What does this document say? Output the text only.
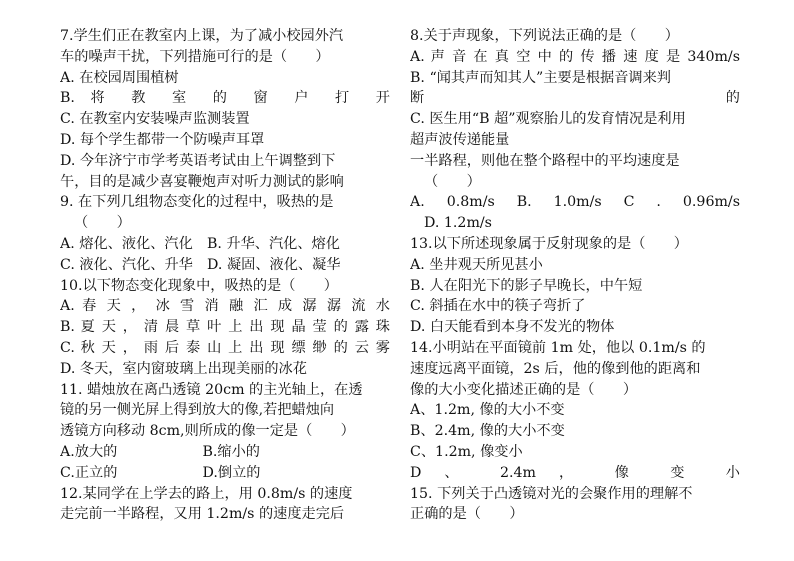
7.学生们正在教室内上课，为了减小校园外汽
车的噪声干扰，下列措施可行的是（　　）
A. 在校园周围植树
B. 将 教 室 的 窗 户 打 开
C. 在教室内安装噪声监测装置
D. 每个学生都带一个防噪声耳罩
D. 今年济宁市学考英语考试由上午调整到下
午，目的是减少喜宴鞭炮声对听力测试的影响
9. 在下列几组物态变化的过程中，吸热的是
（　　）
A. 熔化、液化、汽化　B. 升华、汽化、熔化
C. 液化、汽化、升华　D. 凝固、液化、凝华
10.以下物态变化现象中，吸热的是（　　）
A. 春 天 ， 冰 雪 消 融 汇 成 潺 潺 流 水
B. 夏 天 ， 清 晨 草 叶 上 出 现 晶 莹 的 露 珠
C. 秋 天 ， 雨 后 泰 山 上 出 现 缥 缈 的 云 雾
D. 冬天，室内窗玻璃上出现美丽的冰花
11. 蜡烛放在离凸透镜 20cm 的主光轴上，在透
镜的另一侧光屏上得到放大的像,若把蜡烛向
透镜方向移动 8cm,则所成的像一定是（　　）
A.放大的　　　　　　B.缩小的
C.正立的　　　　　　D.倒立的
12.某同学在上学去的路上，用 0.8m/s 的速度
走完前一半路程，又用 1.2m/s 的速度走完后
8.关于声现象，下列说法正确的是（　　）
A. 声 音 在 真 空 中 的 传 播 速 度 是 340m/s
B. “闻其声而知其人”主要是根据音调来判
断 的
C. 医生用“B 超”观察胎儿的发育情况是利用
超声波传递能量
一半路程，则他在整个路程中的平均速度是
（　　）
A. 0.8m/s B. 1.0m/s C . 0.96m/s
D. 1.2m/s
13.以下所述现象属于反射现象的是（　　）
A. 坐井观天所见甚小
B. 人在阳光下的影子早晚长，中午短
C. 斜插在水中的筷子弯折了
D. 白天能看到本身不发光的物体
14.小明站在平面镜前 1m 处，他以 0.1m/s 的
速度远离平面镜，2s 后，他的像到他的距离和
像的大小变化描述正确的是（　　）
A、1.2m, 像的大小不变
B、2.4m, 像的大小不变
C、1.2m, 像变小
D 、 2.4m ， 像 变 小
15. 下列关于凸透镜对光的会聚作用的理解不
正确的是（　　）
